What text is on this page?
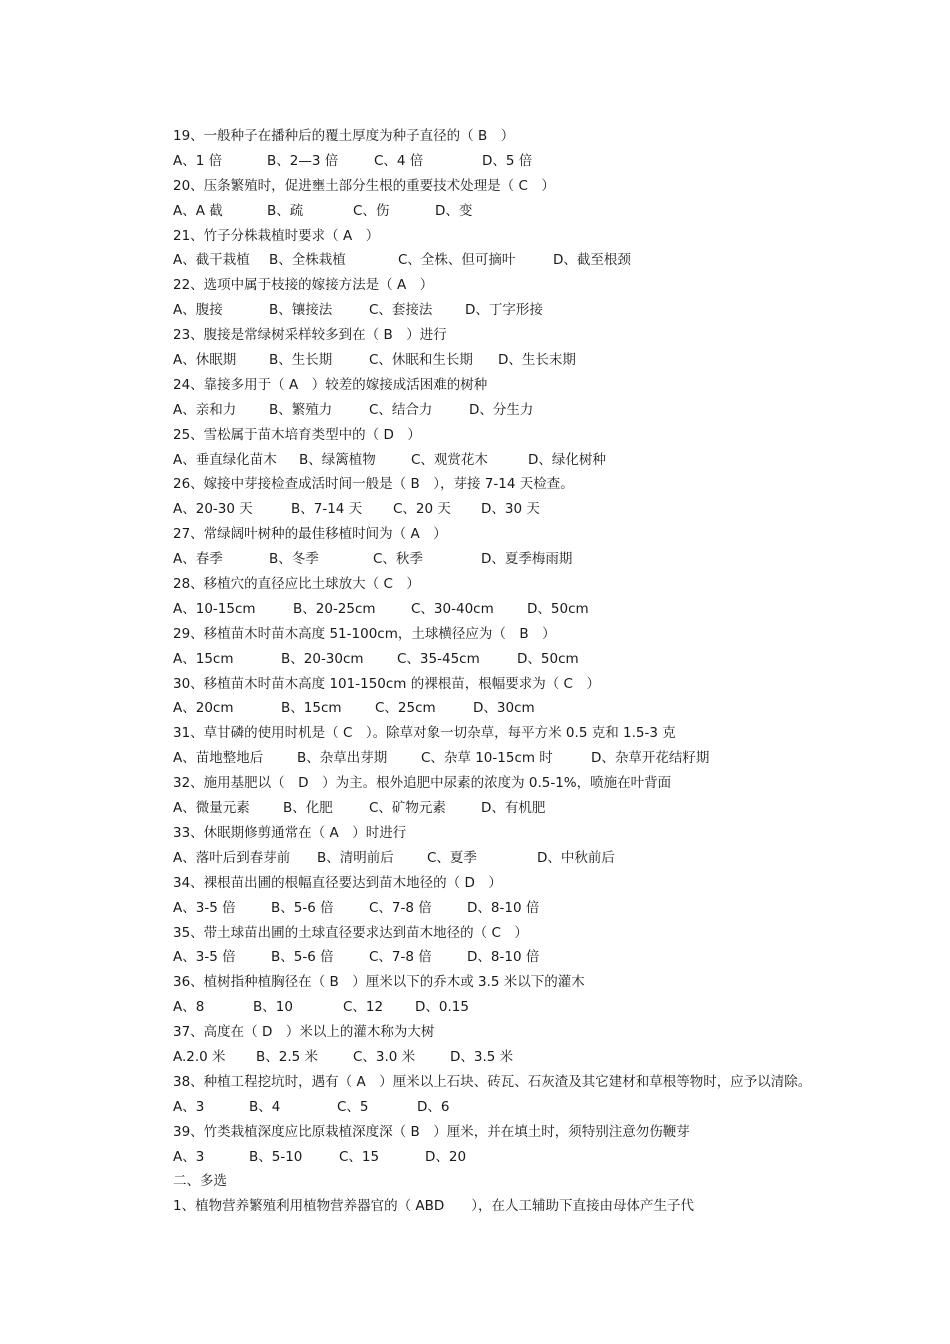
19、一般种子在播种后的覆土厚度为种子直径的（ B　）
A、1 倍	B、2—3 倍	C、4 倍	D、5 倍
20、压条繁殖时，促进壅土部分生根的重要技术处理是（ C　）
A、A 截	B、疏	C、伤	D、变
21、竹子分株栽植时要求（ A　）
A、截干栽植 B、全株栽植	C、全株、但可摘叶	D、截至根颈
22、选项中属于枝接的嫁接方法是（ A　）
A、腹接	B、镶接法	C、套接法 D、丁字形接
23、腹接是常绿树采样较多到在（ B　）进行
A、休眠期 B、生长期	C、休眠和生长期 D、生长末期
24、靠接多用于（ A　）较差的嫁接成活困难的树种
A、亲和力 B、繁殖力	C、结合力	D、分生力
25、雪松属于苗木培育类型中的（ D　）
A、垂直绿化苗木 B、绿篱植物	C、观赏花木	D、绿化树种
26、嫁接中芽接检查成活时间一般是（ B　），芽接 7-14 天检查。
A、20-30 天	B、7-14 天 C、20 天 D、30 天
27、常绿阔叶树种的最佳移植时间为（ A　）
A、春季	B、冬季	C、秋季	D、夏季梅雨期
28、移植穴的直径应比土球放大（ C　）
A、10-15cm	B、20-25cm	C、30-40cm D、50cm
29、移植苗木时苗木高度 51-100cm，土球横径应为（　B　）
A、15cm	B、20-30cm C、35-45cm	D、50cm
30、移植苗木时苗木高度 101-150cm 的裸根苗，根幅要求为（ C　）
A、20cm	B、15cm C、25cm	D、30cm
31、草甘磷的使用时机是（ C　）。除草对象一切杂草，每平方米 0.5 克和 1.5-3 克
A、苗地整地后	B、杂草出芽期 C、杂草 10-15cm 时	D、杂草开花结籽期
32、施用基肥以（　D　）为主。根外追肥中尿素的浓度为 0.5-1%，喷施在叶背面
A、微量元素 B、化肥	C、矿物元素	D、有机肥
33、休眠期修剪通常在（ A　）时进行
A、落叶后到春芽前 B、清明前后 C、夏季	D、中秋前后
34、裸根苗出圃的根幅直径要达到苗木地径的（ D　）
A、3-5 倍	B、5-6 倍	C、7-8 倍	D、8-10 倍
35、带土球苗出圃的土球直径要求达到苗木地径的（ C　）
A、3-5 倍	B、5-6 倍	C、7-8 倍	D、8-10 倍
36、植树指种植胸径在（ B　）厘米以下的乔木或 3.5 米以下的灌木
A、8	B、10	C、12 D、0.15
37、高度在（ D　）米以上的灌木称为大树
A.2.0 米 B、2.5 米	C、3.0 米	D、3.5 米
38、种植工程挖坑时，遇有（ A　）厘米以上石块、砖瓦、石灰渣及其它建材和草根等物时，应予以清除。
A、3	B、4	C、5	D、6
39、竹类栽植深度应比原栽植深度深（ B　）厘米，并在填土时，须特别注意勿伤鞭芽
A、3	B、5-10	C、15	D、20
二、多选
1、植物营养繁殖利用植物营养器官的（ ABD　　），在人工辅助下直接由母体产生子代
